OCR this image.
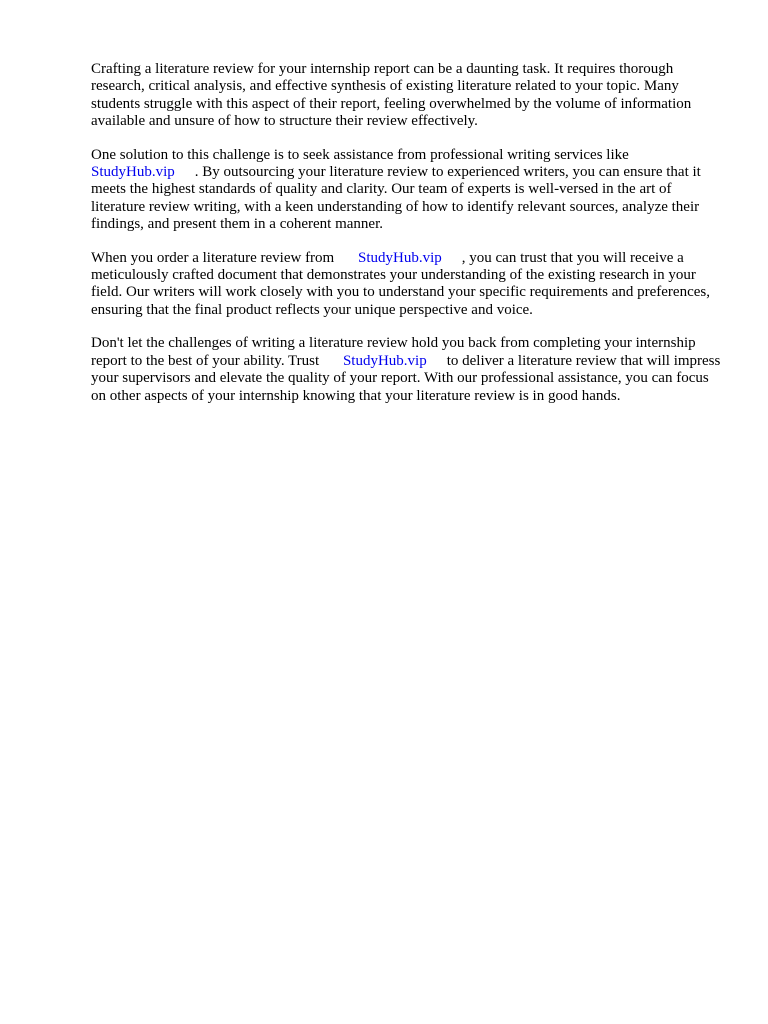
Crafting a literature review for your internship report can be a daunting task. It requires thorough research, critical analysis, and effective synthesis of existing literature related to your topic. Many students struggle with this aspect of their report, feeling overwhelmed by the volume of information available and unsure of how to structure their review effectively.

One solution to this challenge is to seek assistance from professional writing services like
StudyHub.vip . By outsourcing your literature review to experienced writers, you can ensure that it meets the highest standards of quality and clarity. Our team of experts is well-versed in the art of literature review writing, with a keen understanding of how to identify relevant sources, analyze their findings, and present them in a coherent manner.

When you order a literature review from StudyHub.vip , you can trust that you will receive a meticulously crafted document that demonstrates your understanding of the existing research in your field. Our writers will work closely with you to understand your specific requirements and preferences, ensuring that the final product reflects your unique perspective and voice.

Don't let the challenges of writing a literature review hold you back from completing your internship report to the best of your ability. Trust StudyHub.vip to deliver a literature review that will impress your supervisors and elevate the quality of your report. With our professional assistance, you can focus on other aspects of your internship knowing that your literature review is in good hands.
